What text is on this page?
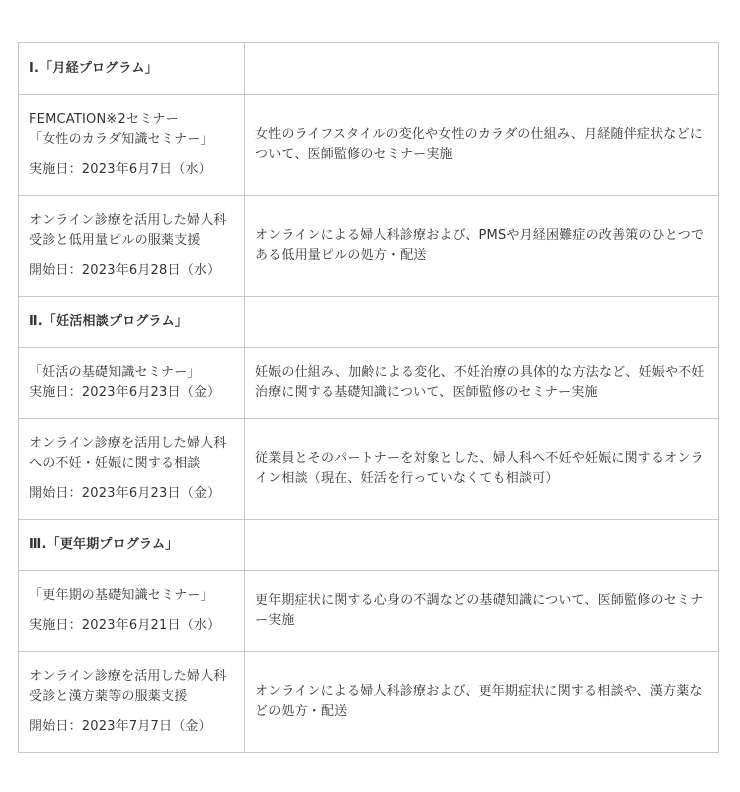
Ⅰ.「月経プログラム」	

FEMCATION※2セミナー
「女性のカラダ知識セミナー」
実施日：2023年6月7日（水）	女性のライフスタイルの変化や女性のカラダの仕組み、月経随伴症状などについて、医師監修のセミナー実施

オンライン診療を活用した婦人科
受診と低用量ピルの服薬支援
開始日：2023年6月28日（水）	オンラインによる婦人科診療および、PMSや月経困難症の改善策のひとつである低用量ピルの処方・配送
Ⅱ.「妊活相談プログラム」	

「妊活の基礎知識セミナー」
実施日：2023年6月23日（金）	妊娠の仕組み、加齢による変化、不妊治療の具体的な方法など、妊娠や不妊治療に関する基礎知識について、医師監修のセミナー実施

オンライン診療を活用した婦人科
への不妊・妊娠に関する相談
開始日：2023年6月23日（金）	従業員とそのパートナーを対象とした、婦人科へ不妊や妊娠に関するオンライン相談（現在、妊活を行っていなくても相談可）
Ⅲ.「更年期プログラム」	

「更年期の基礎知識セミナー」
実施日：2023年6月21日（水）	更年期症状に関する心身の不調などの基礎知識について、医師監修のセミナー実施

オンライン診療を活用した婦人科
受診と漢方薬等の服薬支援
開始日：2023年7月7日（金）	オンラインによる婦人科診療および、更年期症状に関する相談や、漢方薬などの処方・配送
